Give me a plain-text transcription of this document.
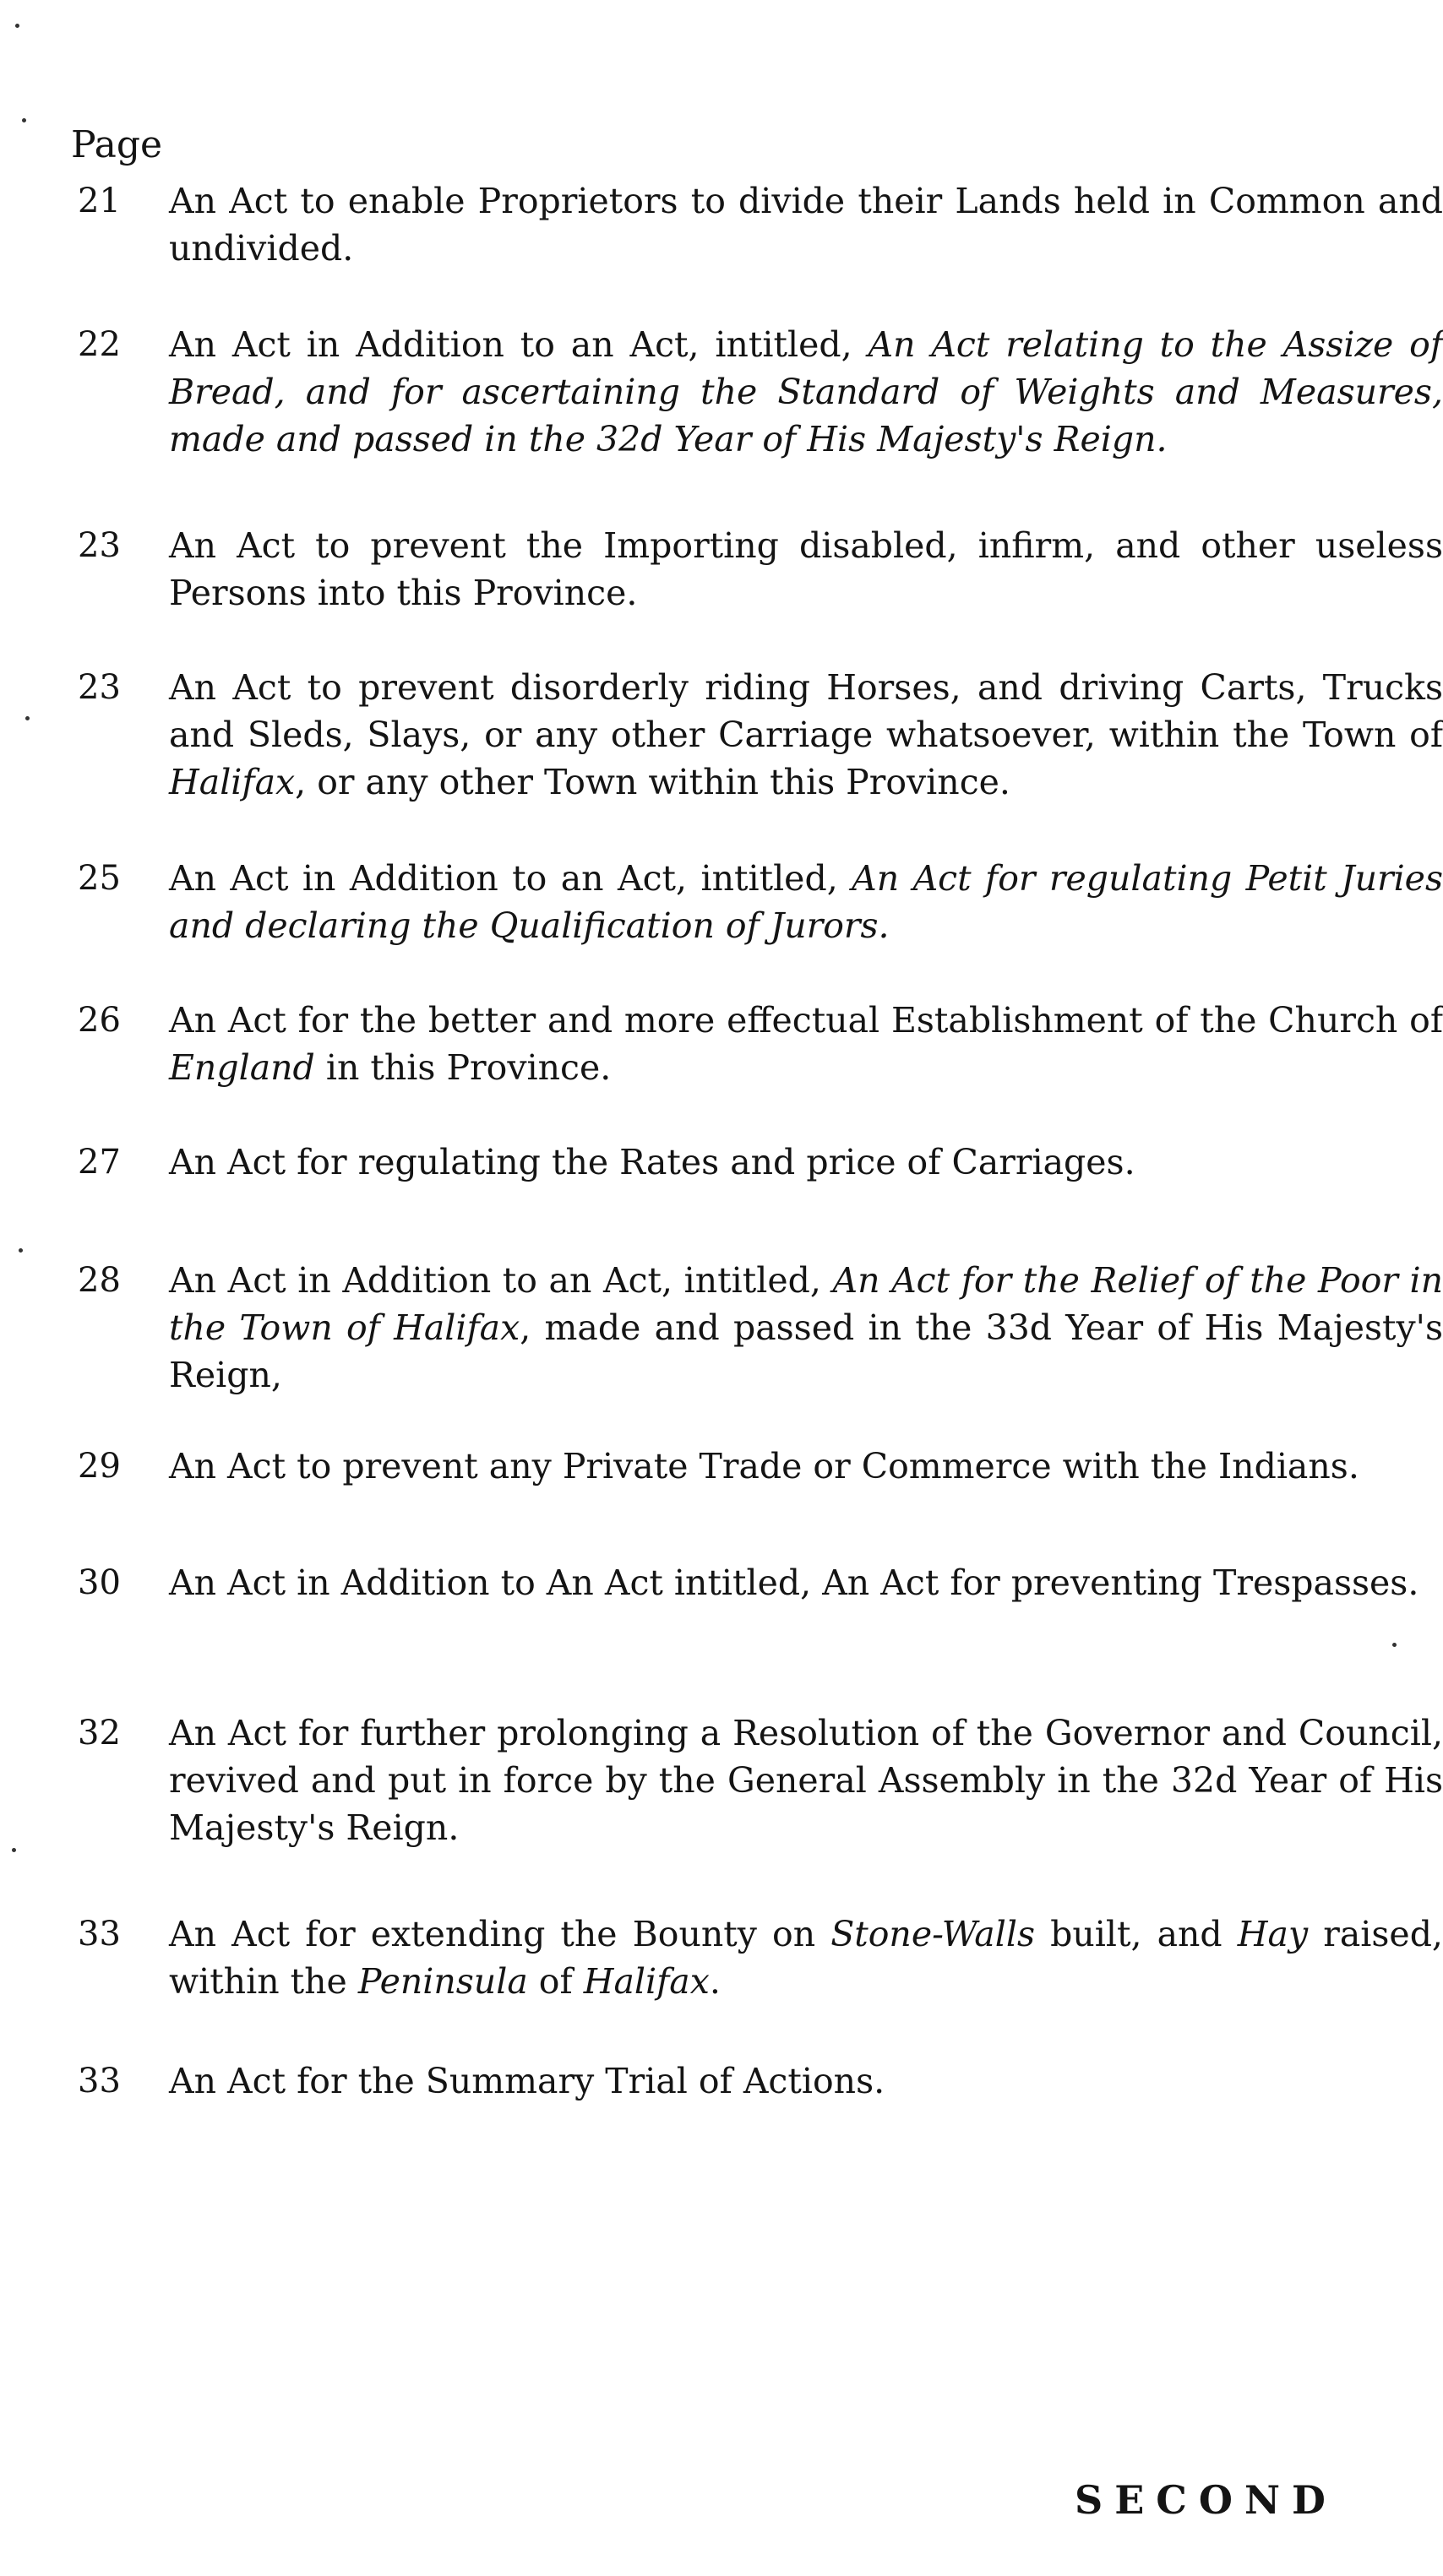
Page
21	An Act to enable Proprietors to divide their Lands held in Common and undivided.
22	An Act in Addition to an Act, intitled, An Act relating to the Assize of Bread, and for ascertaining the Standard of Weights and Measures, made and passed in the 32d Year of His Majesty's Reign.
23	An Act to prevent the Importing disabled, infirm, and other useless Persons into this Province.
23	An Act to prevent disorderly riding Horses, and driving Carts, Trucks and Sleds, Slays, or any other Carriage whatsoever, within the Town of Halifax, or any other Town within this Province.
25	An Act in Addition to an Act, intitled, An Act for regulating Petit Juries and declaring the Qualification of Jurors.
26	An Act for the better and more effectual Establishment of the Church of England in this Province.
27	An Act for regulating the Rates and price of Carriages.
28	An Act in Addition to an Act, intitled, An Act for the Relief of the Poor in the Town of Halifax, made and passed in the 33d Year of His Majesty's Reign,
29	An Act to prevent any Private Trade or Commerce with the Indians.
30	An Act in Addition to An Act intitled, An Act for preventing Trespasses.
32	An Act for further prolonging a Resolution of the Governor and Council, revived and put in force by the General Assembly in the 32d Year of His Majesty's Reign.
33	An Act for extending the Bounty on Stone-Walls built, and Hay raised, within the Peninsula of Halifax.
33	An Act for the Summary Trial of Actions.
SECOND
